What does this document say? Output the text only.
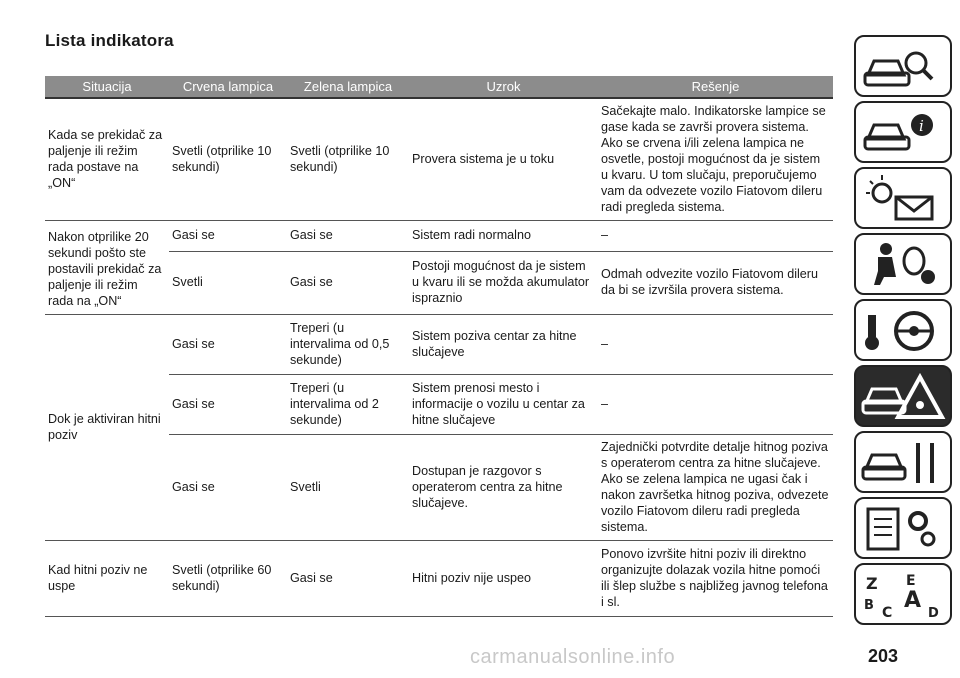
Lista indikatora
Situacija	Crvena lampica	Zelena lampica	Uzrok	Rešenje
Kada se prekidač za paljenje ili režim rada postave na „ON“	Svetli (otprilike 10 sekundi)	Svetli (otprilike 10 sekundi)	Provera sistema je u toku	Sačekajte malo. Indikatorske lampice se gase kada se završi provera sistema. Ako se crvena i/ili zelena lampica ne osvetle, postoji mogućnost da je sistem u kvaru. U tom slučaju, preporučujemo vam da odvezete vozilo Fiatovom dileru radi pregleda sistema.
Nakon otprilike 20 sekundi pošto ste postavili prekidač za paljenje ili režim rada na „ON“	Gasi se	Gasi se	Sistem radi normalno	–
	Svetli	Gasi se	Postoji mogućnost da je sistem u kvaru ili se možda akumulator ispraznio	Odmah odvezite vozilo Fiatovom dileru da bi se izvršila provera sistema.
Dok je aktiviran hitni poziv	Gasi se	Treperi (u intervalima od 0,5 sekunde)	Sistem poziva centar za hitne slučajeve	–
	Gasi se	Treperi (u intervalima od 2 sekunde)	Sistem prenosi mesto i informacije o vozilu u centar za hitne slučajeve	–
	Gasi se	Svetli	Dostupan je razgovor s operaterom centra za hitne slučajeve.	Zajednički potvrdite detalje hitnog poziva s operaterom centra za hitne slučajeve. Ako se zelena lampica ne ugasi čak i nakon završetka hitnog poziva, odvezete vozilo Fiatovom dileru radi pregleda sistema.
Kad hitni poziv ne uspe	Svetli (otprilike 60 sekundi)	Gasi se	Hitni poziv nije uspeo	Ponovo izvršite hitni poziv ili direktno organizujte dolazak vozila hitne pomoći ili šlep službe s najbližeg javnog telefona i sl.
i
Z E
B C A
D
carmanualsonline.info	203
